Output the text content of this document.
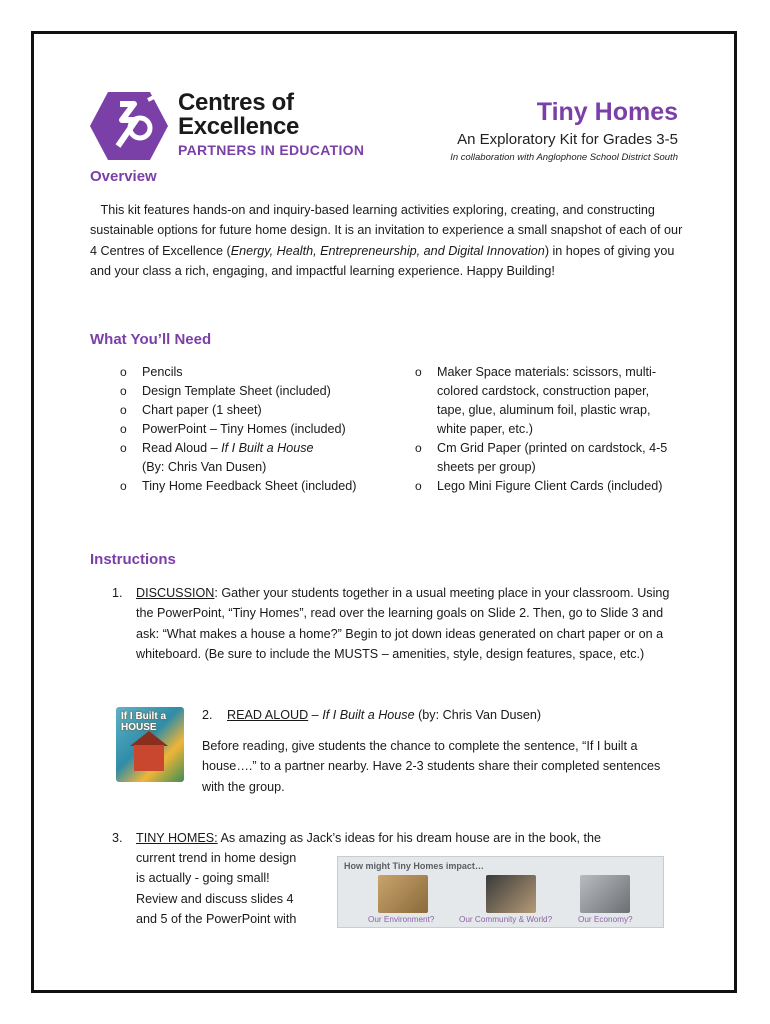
Centres of
Excellence
PARTNERS IN EDUCATION
Tiny Homes
An Exploratory Kit for Grades 3-5
In collaboration with Anglophone School District South
Overview
This kit features hands-on and inquiry-based learning activities exploring, creating, and constructing sustainable options for future home design. It is an invitation to experience a small snapshot of each of our 4 Centres of Excellence (Energy, Health, Entrepreneurship, and Digital Innovation) in hopes of giving you and your class a rich, engaging, and impactful learning experience. Happy Building!
What You’ll Need
o Pencils
o Design Template Sheet (included)
o Chart paper (1 sheet)
o PowerPoint – Tiny Homes (included)
o Read Aloud – If I Built a House
(By: Chris Van Dusen)
o Tiny Home Feedback Sheet (included)
o Maker Space materials: scissors, multi-colored cardstock, construction paper, tape, glue, aluminum foil, plastic wrap, white paper, etc.)
o Cm Grid Paper (printed on cardstock, 4-5 sheets per group)
o Lego Mini Figure Client Cards (included)
Instructions
1. DISCUSSION: Gather your students together in a usual meeting place in your classroom. Using the PowerPoint, “Tiny Homes”, read over the learning goals on Slide 2. Then, go to Slide 3 and ask: “What makes a house a home?” Begin to jot down ideas generated on chart paper or on a whiteboard. (Be sure to include the MUSTS – amenities, style, design features, space, etc.)
If I Built a
HOUSE
2. READ ALOUD – If I Built a House (by: Chris Van Dusen)
Before reading, give students the chance to complete the sentence, “If I built a house….” to a partner nearby. Have 2-3 students share their completed sentences with the group.
3. TINY HOMES: As amazing as Jack’s ideas for his dream house are in the book, the
current trend in home design
is actually - going small!
Review and discuss slides 4
and 5 of the PowerPoint with
How might Tiny Homes impact…
Our Environment?	Our Community & World?	Our Economy?
